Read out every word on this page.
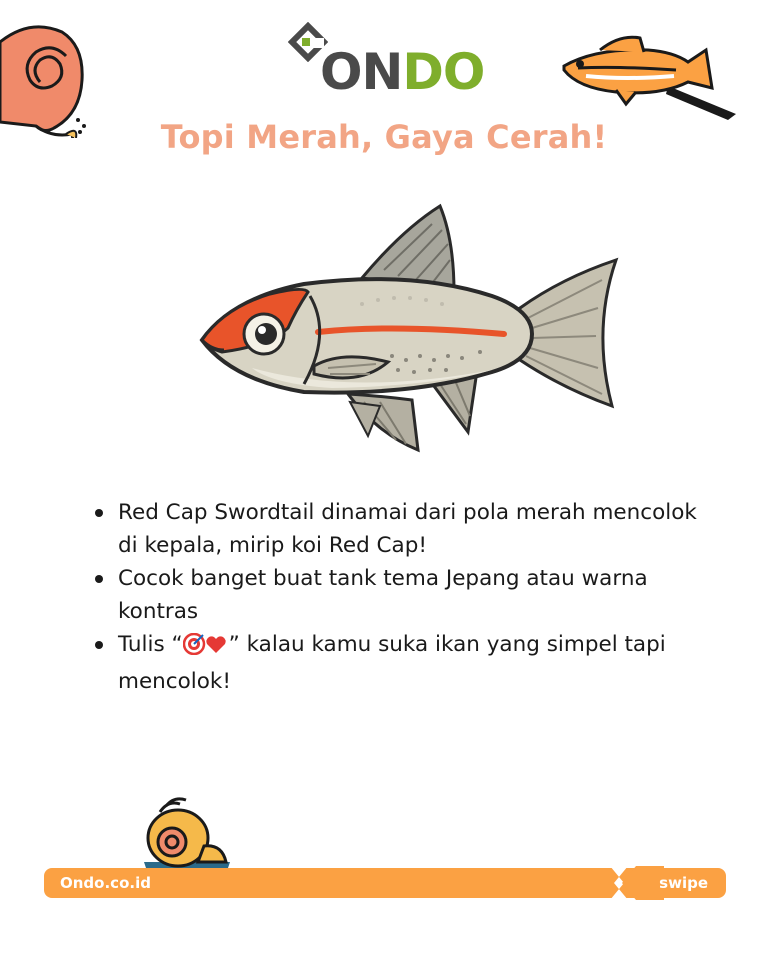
ONDO
Topi Merah, Gaya Cerah!
Red Cap Swordtail dinamai dari pola merah mencolok di kepala, mirip koi Red Cap!
Cocok banget buat tank tema Jepang atau warna kontras
Tulis “ ” kalau kamu suka ikan yang simpel tapi mencolok!
Ondo.co.id	swipe
